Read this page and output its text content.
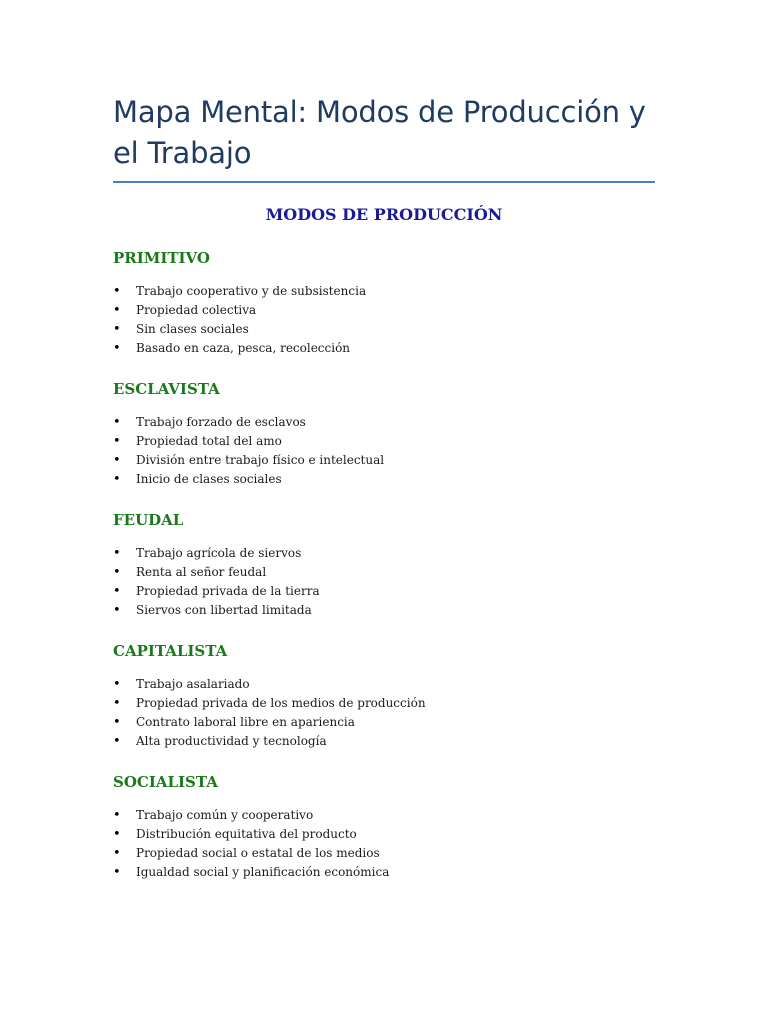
Mapa Mental: Modos de Producción y el Trabajo
MODOS DE PRODUCCIÓN
PRIMITIVO
• Trabajo cooperativo y de subsistencia
• Propiedad colectiva
• Sin clases sociales
• Basado en caza, pesca, recolección
ESCLAVISTA
• Trabajo forzado de esclavos
• Propiedad total del amo
• División entre trabajo físico e intelectual
• Inicio de clases sociales
FEUDAL
• Trabajo agrícola de siervos
• Renta al señor feudal
• Propiedad privada de la tierra
• Siervos con libertad limitada
CAPITALISTA
• Trabajo asalariado
• Propiedad privada de los medios de producción
• Contrato laboral libre en apariencia
• Alta productividad y tecnología
SOCIALISTA
• Trabajo común y cooperativo
• Distribución equitativa del producto
• Propiedad social o estatal de los medios
• Igualdad social y planificación económica
